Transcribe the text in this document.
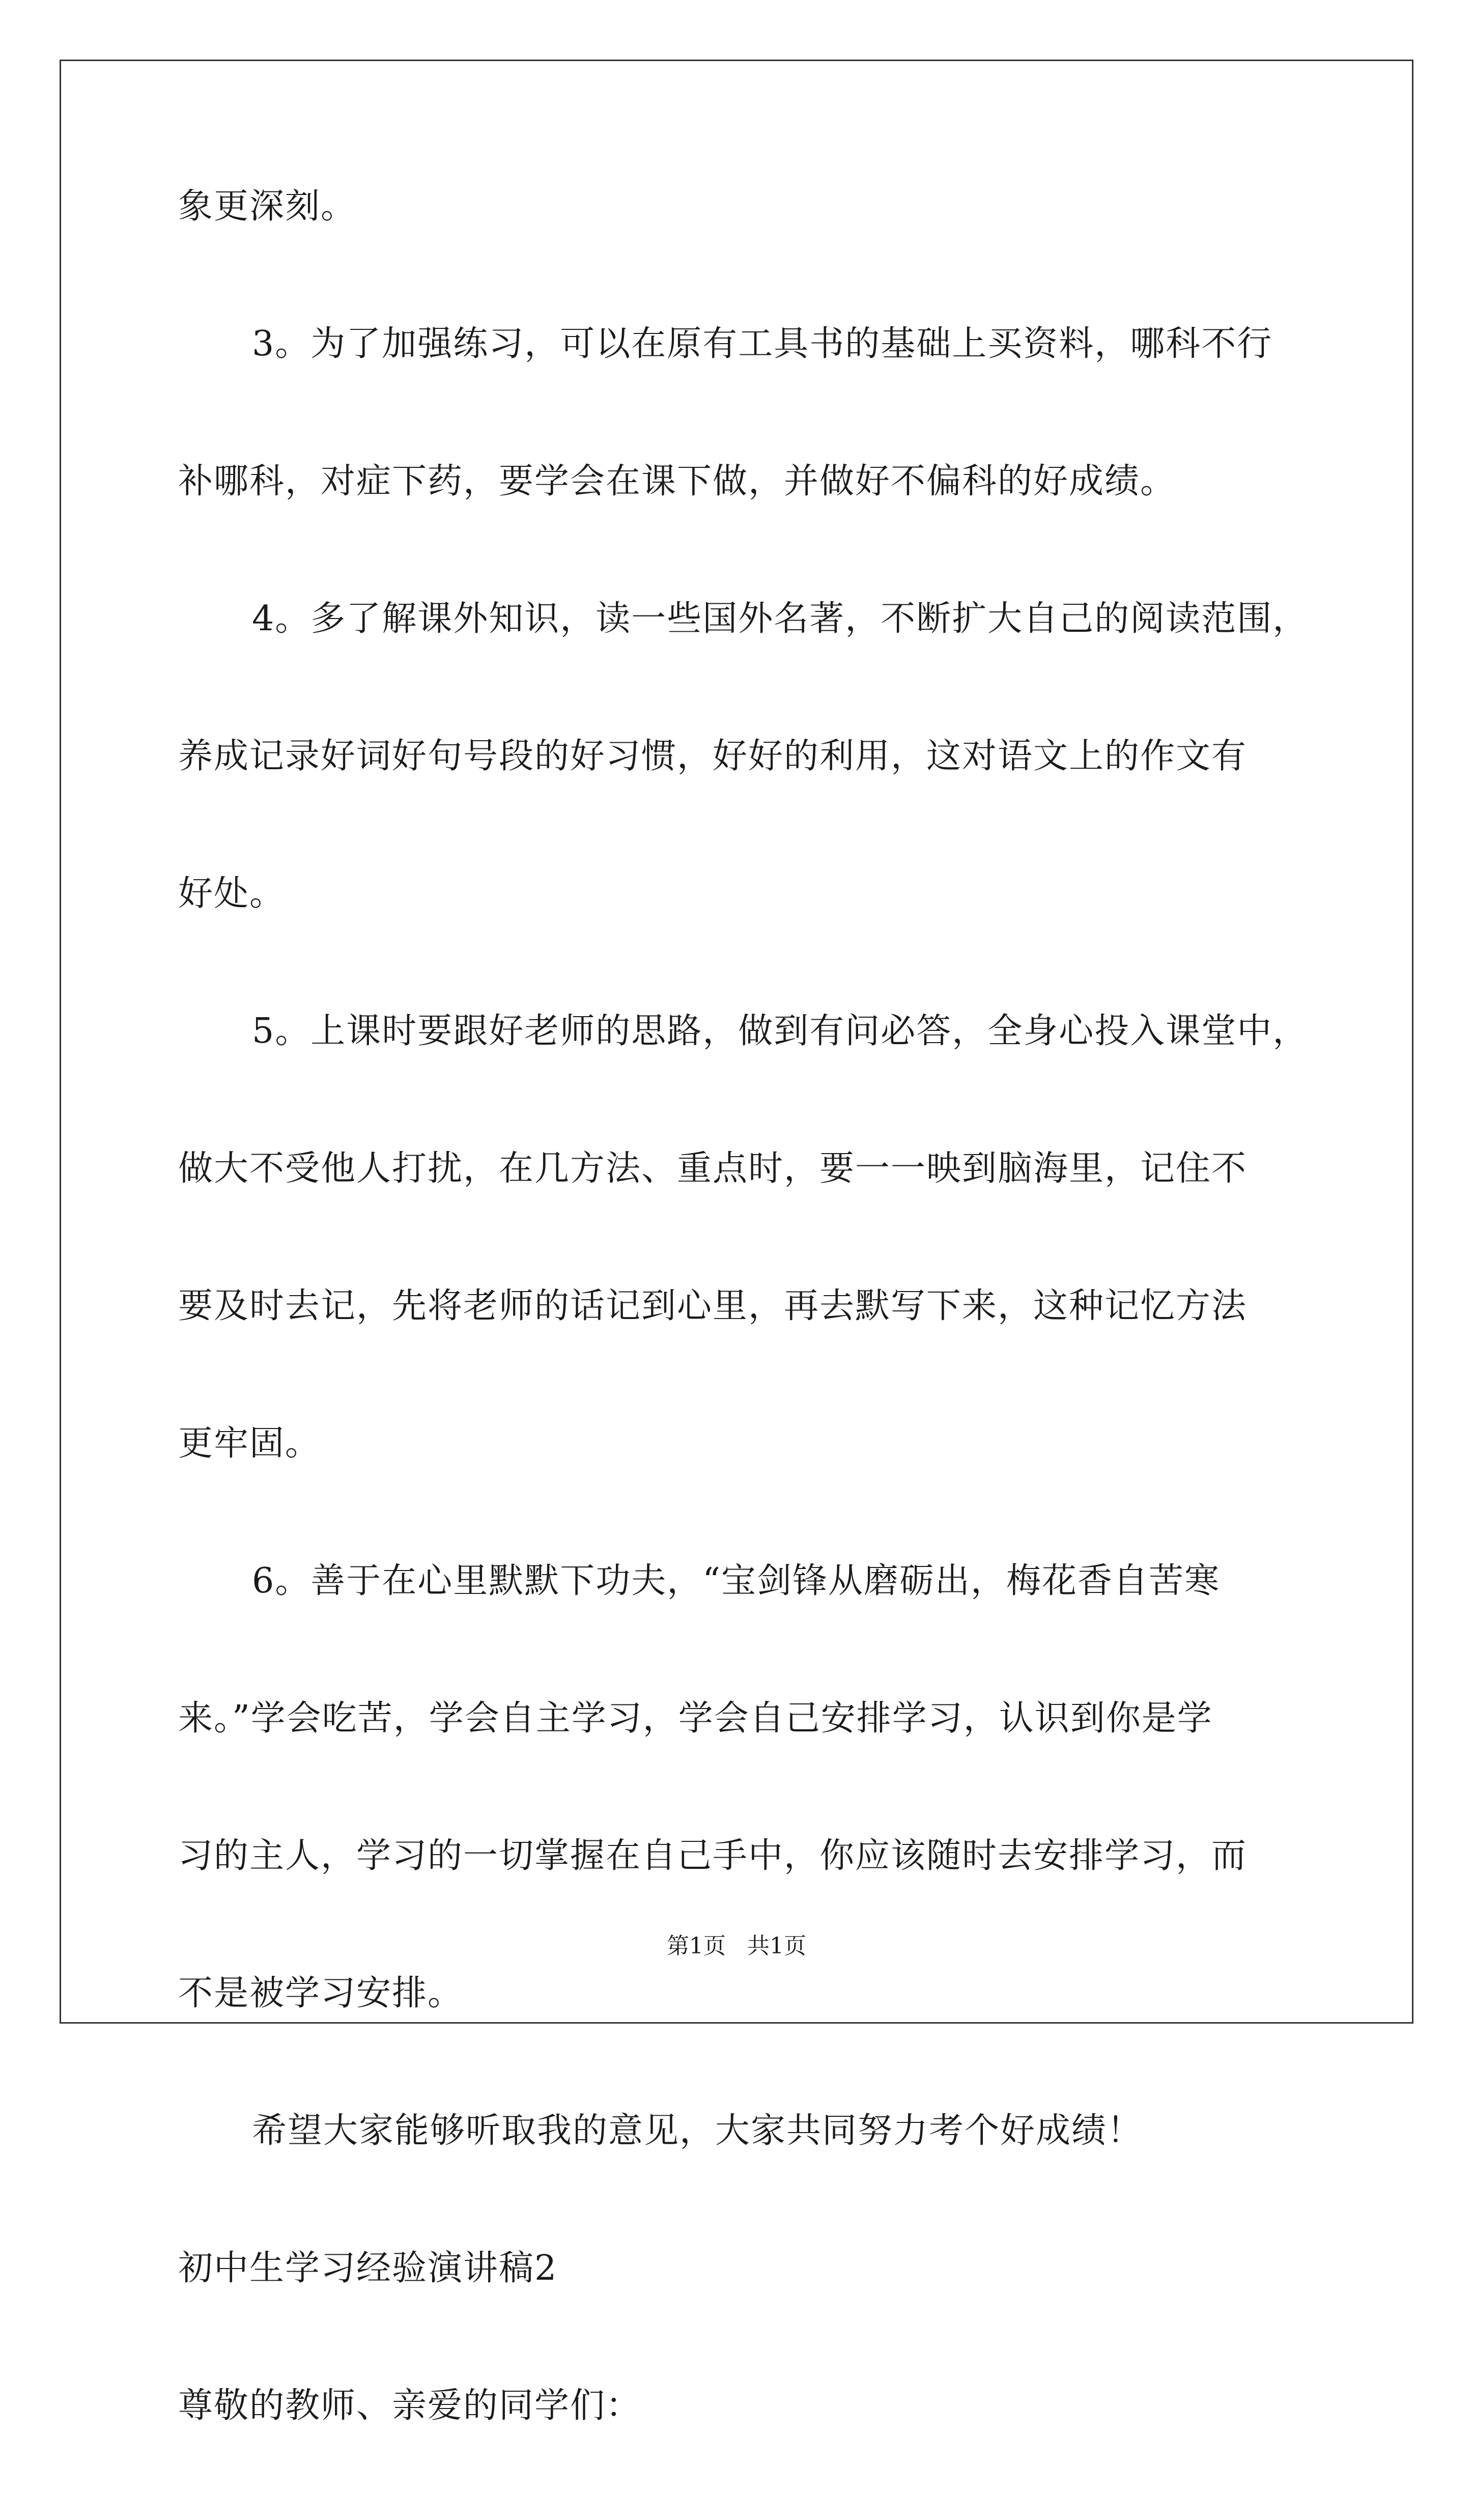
象更深刻。

3。为了加强练习，可以在原有工具书的基础上买资料，哪科不行

补哪科，对症下药，要学会在课下做，并做好不偏科的好成绩。

4。多了解课外知识，读一些国外名著，不断扩大自己的阅读范围，

养成记录好词好句号段的好习惯，好好的利用，这对语文上的作文有

好处。

5。上课时要跟好老师的思路，做到有问必答，全身心投入课堂中，

做大不受他人打扰，在几方法、重点时，要一一映到脑海里，记住不

要及时去记，先将老师的话记到心里，再去默写下来，这种记忆方法

更牢固。

6。善于在心里默默下功夫，“宝剑锋从磨砺出，梅花香自苦寒

来。”学会吃苦，学会自主学习，学会自己安排学习，认识到你是学

习的主人，学习的一切掌握在自己手中，你应该随时去安排学习，而

不是被学习安排。

希望大家能够听取我的意见，大家共同努力考个好成绩！

初中生学习经验演讲稿2

尊敬的教师、亲爱的同学们：

第1页 共1页
